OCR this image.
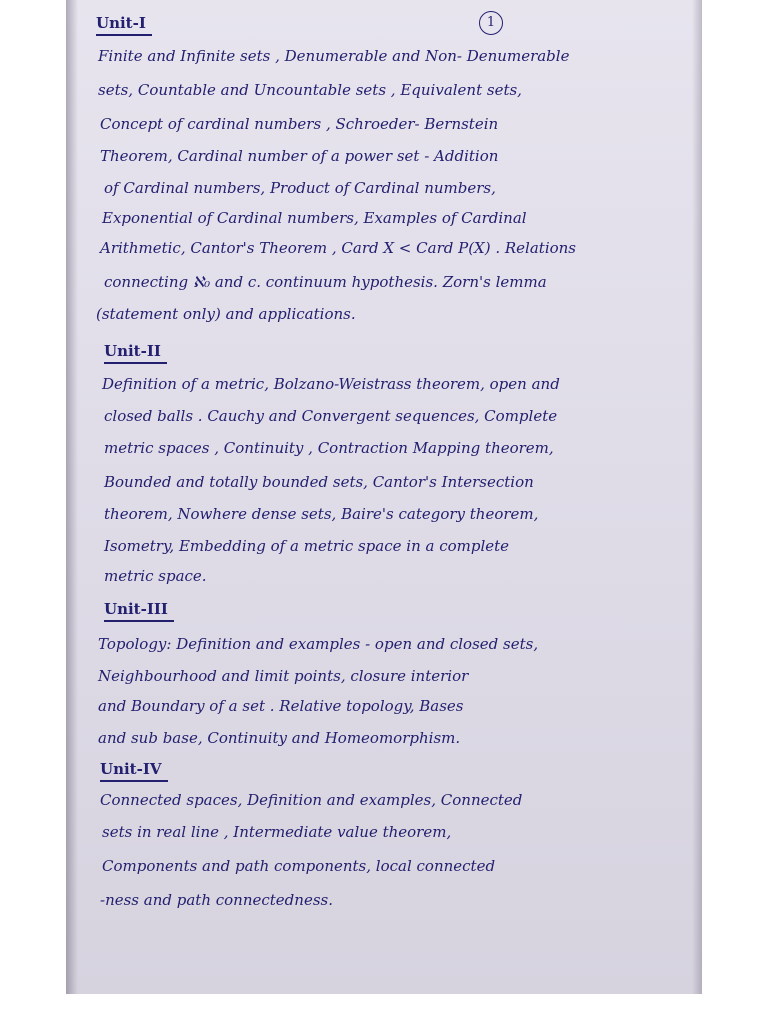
1
Unit-I
Finite and Infinite sets , Denumerable and Non- Denumerable
sets, Countable and Uncountable sets , Equivalent sets,
Concept of cardinal numbers , Schroeder- Bernstein
Theorem, Cardinal number of a power set - Addition
of Cardinal numbers, Product of Cardinal numbers,
Exponential of Cardinal numbers, Examples of Cardinal
Arithmetic, Cantor's Theorem , Card X < Card P(X) . Relations
connecting ℵ₀ and c. continuum hypothesis. Zorn's lemma
(statement only) and applications.
Unit-II
Definition of a metric, Bolzano-Weistrass theorem, open and
closed balls . Cauchy and Convergent sequences, Complete
metric spaces , Continuity , Contraction Mapping theorem,
Bounded and totally bounded sets, Cantor's Intersection
theorem, Nowhere dense sets, Baire's category theorem,
Isometry, Embedding of a metric space in a complete
metric space.
Unit-III
Topology: Definition and examples - open and closed sets,
Neighbourhood and limit points, closure interior
and Boundary of a set . Relative topology, Bases
and sub base, Continuity and Homeomorphism.
Unit-IV
Connected spaces, Definition and examples, Connected
sets in real line , Intermediate value theorem,
Components and path components, local connected
-ness and path connectedness.
